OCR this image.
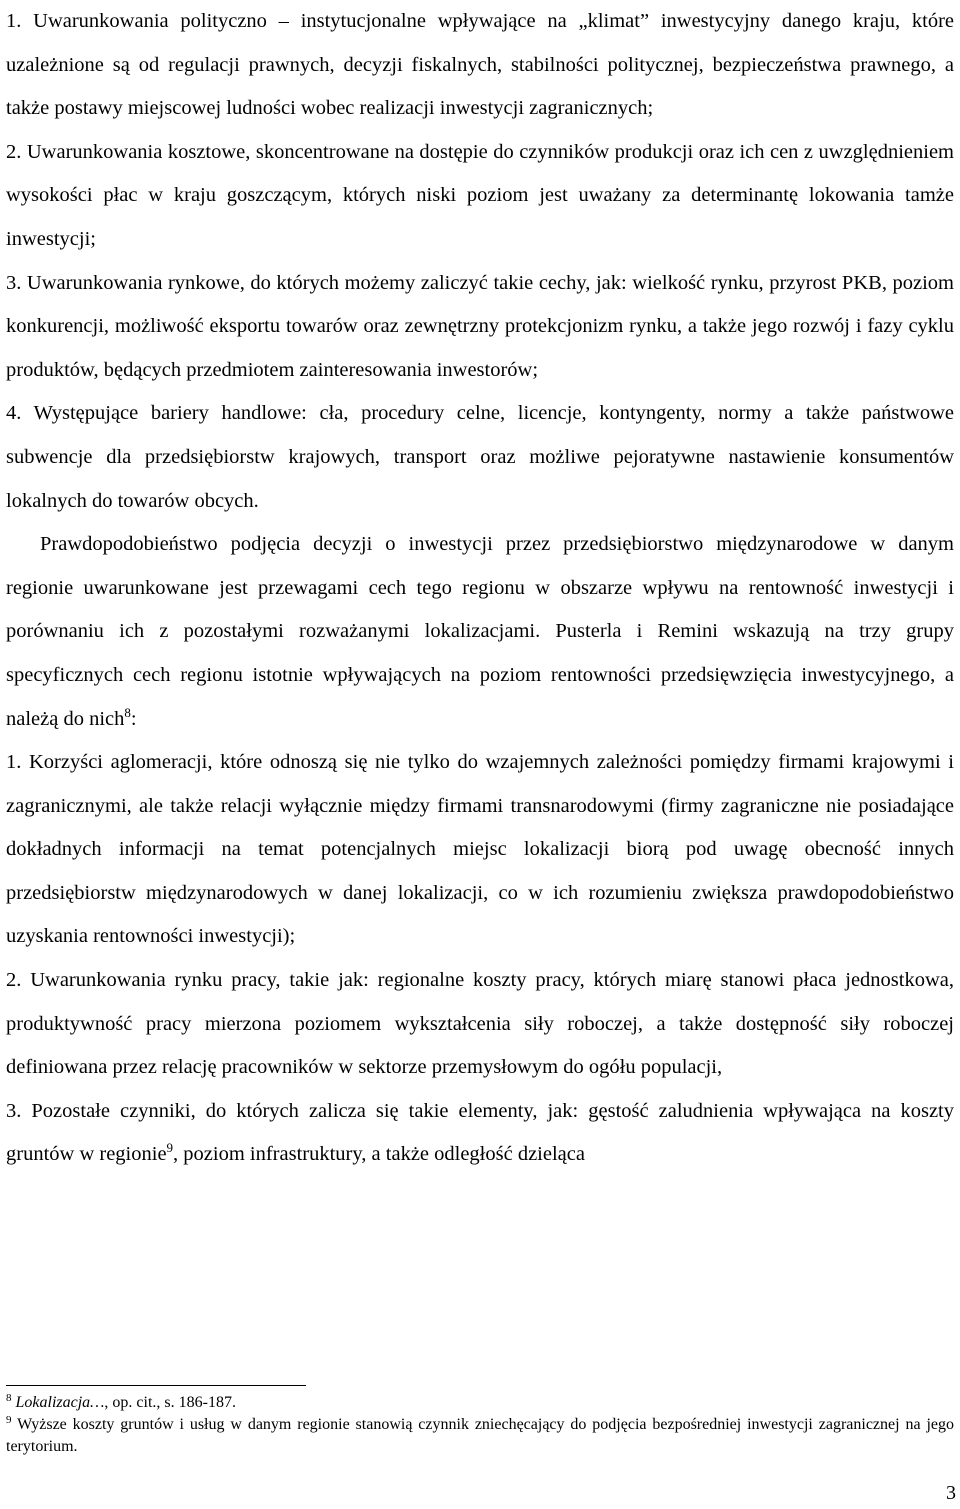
1. Uwarunkowania polityczno – instytucjonalne wpływające na „klimat” inwestycyjny danego kraju, które uzależnione są od regulacji prawnych, decyzji fiskalnych, stabilności politycznej, bezpieczeństwa prawnego, a także postawy miejscowej ludności wobec realizacji inwestycji zagranicznych;

2. Uwarunkowania kosztowe, skoncentrowane na dostępie do czynników produkcji oraz ich cen z uwzględnieniem wysokości płac w kraju goszczącym, których niski poziom jest uważany za determinantę lokowania tamże inwestycji;

3. Uwarunkowania rynkowe, do których możemy zaliczyć takie cechy, jak: wielkość rynku, przyrost PKB, poziom konkurencji, możliwość eksportu towarów oraz zewnętrzny protekcjonizm rynku, a także jego rozwój i fazy cyklu produktów, będących przedmiotem zainteresowania inwestorów;

4. Występujące bariery handlowe: cła, procedury celne, licencje, kontyngenty, normy a także państwowe subwencje dla przedsiębiorstw krajowych, transport oraz możliwe pejoratywne nastawienie konsumentów lokalnych do towarów obcych.

Prawdopodobieństwo podjęcia decyzji o inwestycji przez przedsiębiorstwo międzynarodowe w danym regionie uwarunkowane jest przewagami cech tego regionu w obszarze wpływu na rentowność inwestycji i porównaniu ich z pozostałymi rozważanymi lokalizacjami. Pusterla i Remini wskazują na trzy grupy specyficznych cech regionu istotnie wpływających na poziom rentowności przedsięwzięcia inwestycyjnego, a należą do nich$^8$:

1. Korzyści aglomeracji, które odnoszą się nie tylko do wzajemnych zależności pomiędzy firmami krajowymi i zagranicznymi, ale także relacji wyłącznie między firmami transnarodowymi (firmy zagraniczne nie posiadające dokładnych informacji na temat potencjalnych miejsc lokalizacji biorą pod uwagę obecność innych przedsiębiorstw międzynarodowych w danej lokalizacji, co w ich rozumieniu zwiększa prawdopodobieństwo uzyskania rentowności inwestycji);

2. Uwarunkowania rynku pracy, takie jak: regionalne koszty pracy, których miarę stanowi płaca jednostkowa, produktywność pracy mierzona poziomem wykształcenia siły roboczej, a także dostępność siły roboczej definiowana przez relację pracowników w sektorze przemysłowym do ogółu populacji,

3. Pozostałe czynniki, do których zalicza się takie elementy, jak: gęstość zaludnienia wpływająca na koszty gruntów w regionie$^9$, poziom infrastruktury, a także odległość dzieląca

$^8$ Lokalizacja…, op. cit., s. 186-187.

$^9$ Wyższe koszty gruntów i usług w danym regionie stanowią czynnik zniechęcający do podjęcia bezpośredniej inwestycji zagranicznej na jego terytorium.

3
